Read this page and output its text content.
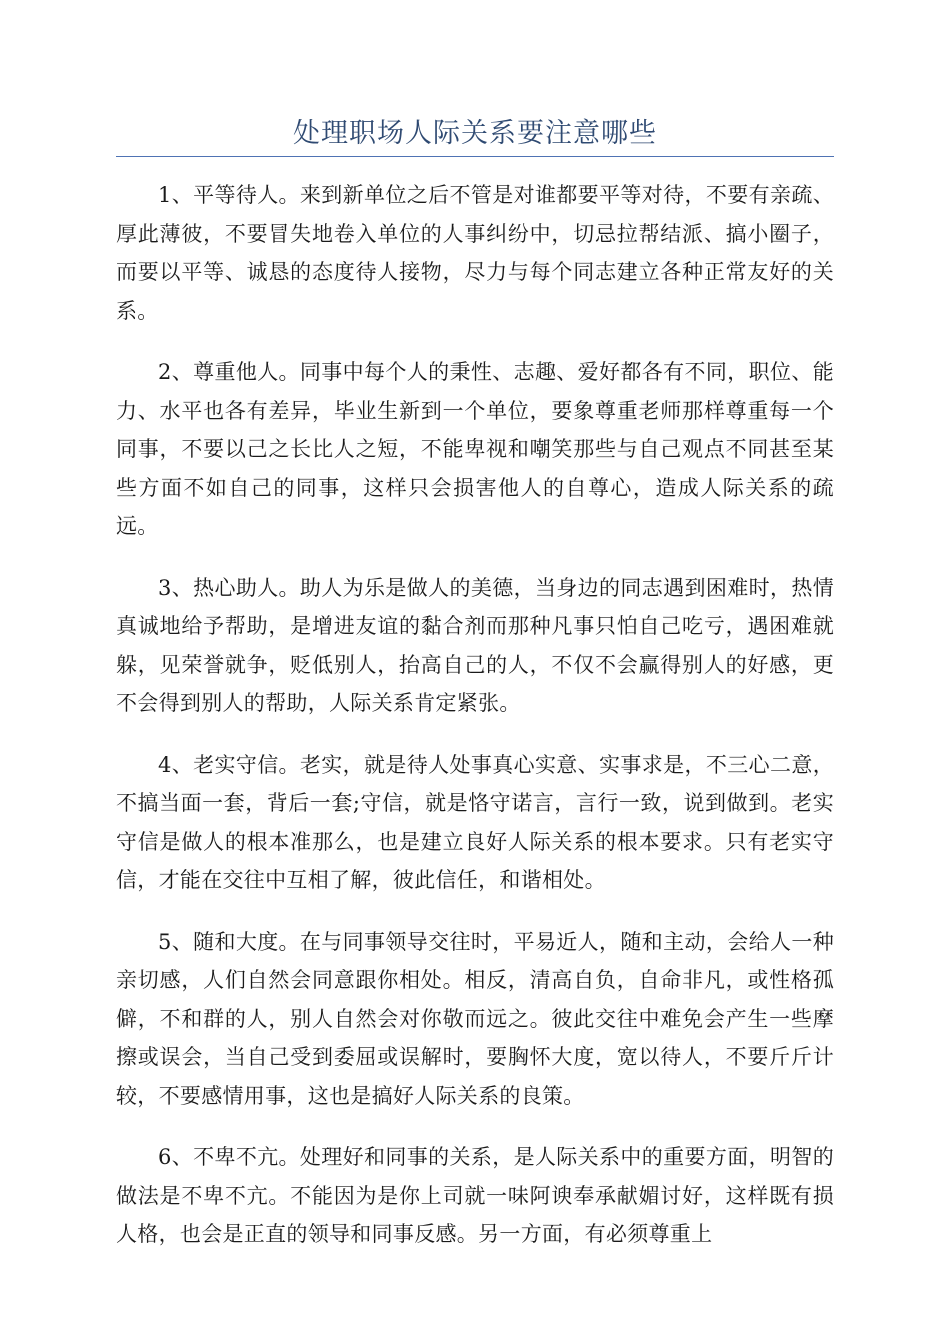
处理职场人际关系要注意哪些

1、平等待人。来到新单位之后不管是对谁都要平等对待，不要有亲疏、厚此薄彼，不要冒失地卷入单位的人事纠纷中，切忌拉帮结派、搞小圈子，而要以平等、诚恳的态度待人接物，尽力与每个同志建立各种正常友好的关系。

2、尊重他人。同事中每个人的秉性、志趣、爱好都各有不同，职位、能力、水平也各有差异，毕业生新到一个单位，要象尊重老师那样尊重每一个同事，不要以己之长比人之短，不能卑视和嘲笑那些与自己观点不同甚至某些方面不如自己的同事，这样只会损害他人的自尊心，造成人际关系的疏远。

3、热心助人。助人为乐是做人的美德，当身边的同志遇到困难时，热情真诚地给予帮助，是增进友谊的黏合剂而那种凡事只怕自己吃亏，遇困难就躲，见荣誉就争，贬低别人，抬高自己的人，不仅不会赢得别人的好感，更不会得到别人的帮助，人际关系肯定紧张。

4、老实守信。老实，就是待人处事真心实意、实事求是，不三心二意，不搞当面一套，背后一套;守信，就是恪守诺言，言行一致，说到做到。老实守信是做人的根本准那么，也是建立良好人际关系的根本要求。只有老实守信，才能在交往中互相了解，彼此信任，和谐相处。

5、随和大度。在与同事领导交往时，平易近人，随和主动，会给人一种亲切感，人们自然会同意跟你相处。相反，清高自负，自命非凡，或性格孤僻，不和群的人，别人自然会对你敬而远之。彼此交往中难免会产生一些摩擦或误会，当自己受到委屈或误解时，要胸怀大度，宽以待人，不要斤斤计较，不要感情用事，这也是搞好人际关系的良策。

6、不卑不亢。处理好和同事的关系，是人际关系中的重要方面，明智的做法是不卑不亢。不能因为是你上司就一味阿谀奉承献媚讨好，这样既有损人格，也会是正直的领导和同事反感。另一方面，有必须尊重上
